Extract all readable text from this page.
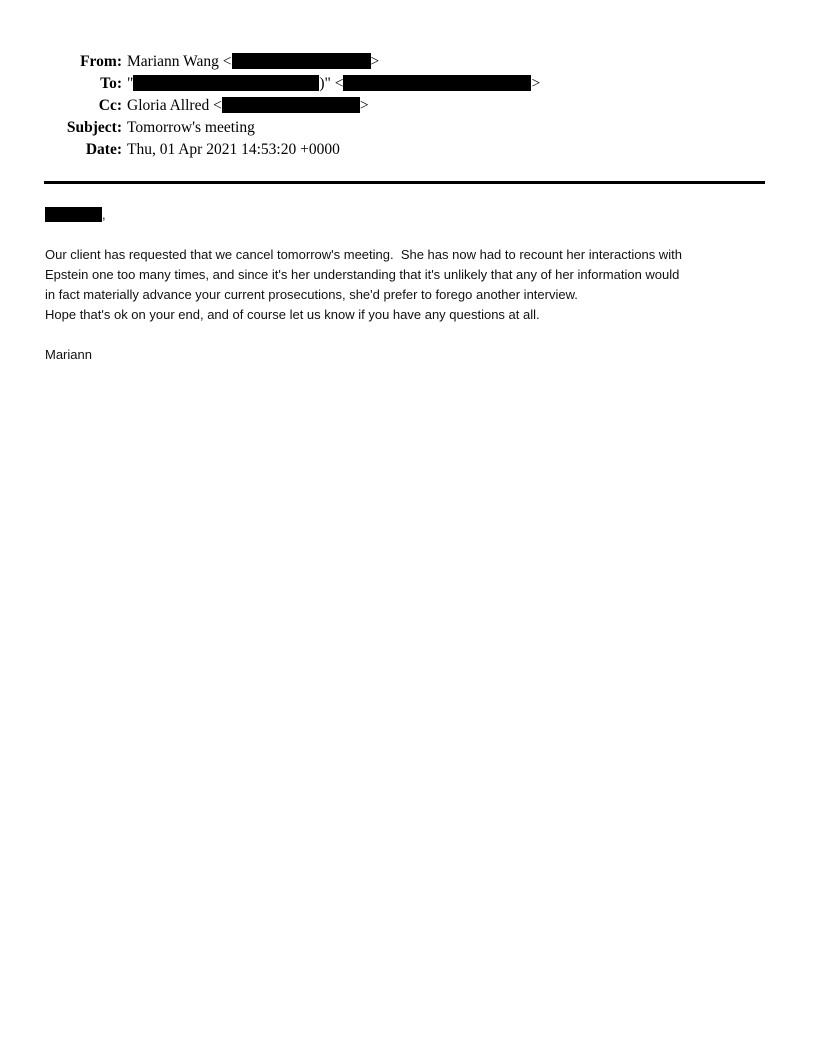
From: Mariann Wang <	>
To: "	)" <	>
Cc: Gloria Allred <	>
Subject: Tomorrow's meeting
Date: Thu, 01 Apr 2021 14:53:20 +0000
,
Our client has requested that we cancel tomorrow's meeting.  She has now had to recount her interactions with
Epstein one too many times, and since it's her understanding that it's unlikely that any of her information would
in fact materially advance your current prosecutions, she'd prefer to forego another interview.
Hope that's ok on your end, and of course let us know if you have any questions at all.
Mariann
